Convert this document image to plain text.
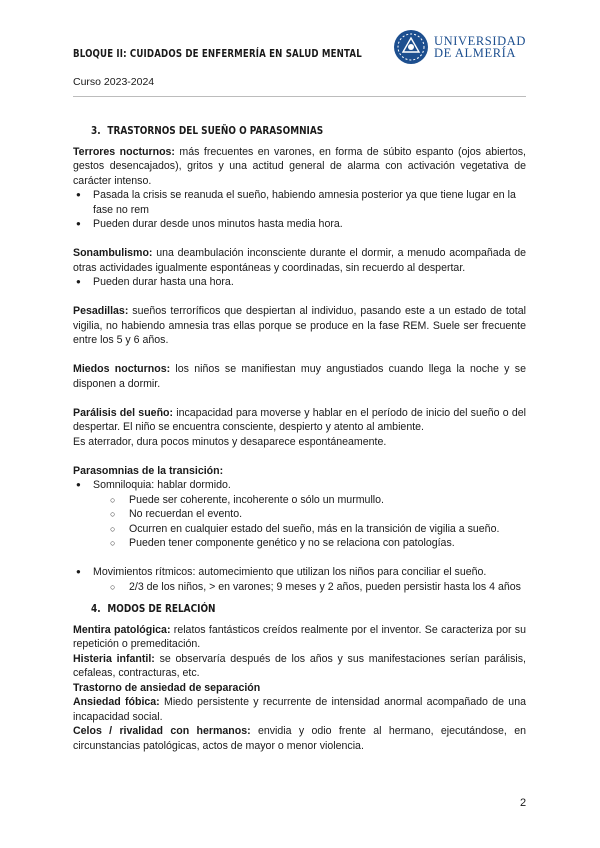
BLOQUE II: CUIDADOS DE ENFERMERÍA EN SALUD MENTAL
Curso 2023-2024
UNIVERSIDAD
DE ALMERÍA
3. TRASTORNOS DEL SUEÑO O PARASOMNIAS

Terrores nocturnos: más frecuentes en varones, en forma de súbito espanto (ojos abiertos, gestos desencajados), gritos y una actitud general de alarma con activación vegetativa de carácter intenso.

● Pasada la crisis se reanuda el sueño, habiendo amnesia posterior ya que tiene lugar en la fase no rem
● Pueden durar desde unos minutos hasta media hora.

Sonambulismo: una deambulación inconsciente durante el dormir, a menudo acompañada de otras actividades igualmente espontáneas y coordinadas, sin recuerdo al despertar.

● Pueden durar hasta una hora.

Pesadillas: sueños terroríficos que despiertan al individuo, pasando este a un estado de total vigilia, no habiendo amnesia tras ellas porque se produce en la fase REM. Suele ser frecuente entre los 5 y 6 años.

Miedos nocturnos: los niños se manifiestan muy angustiados cuando llega la noche y se disponen a dormir.

Parálisis del sueño: incapacidad para moverse y hablar en el período de inicio del sueño o del despertar. El niño se encuentra consciente, despierto y atento al ambiente.

Es aterrador, dura pocos minutos y desaparece espontáneamente.

Parasomnias de la transición:

● Somniloquia: hablar dormido.
○ Puede ser coherente, incoherente o sólo un murmullo.
○ No recuerdan el evento.
○ Ocurren en cualquier estado del sueño, más en la transición de vigilia a sueño.
○ Pueden tener componente genético y no se relaciona con patologías.
● Movimientos rítmicos: automecimiento que utilizan los niños para conciliar el sueño.
○ 2/3 de los niños, > en varones; 9 meses y 2 años, pueden persistir hasta los 4 años
4. MODOS DE RELACIÓN

Mentira patológica: relatos fantásticos creídos realmente por el inventor. Se caracteriza por su repetición o premeditación.

Histeria infantil: se observaría después de los años y sus manifestaciones serían parálisis, cefaleas, contracturas, etc.

Trastorno de ansiedad de separación

Ansiedad fóbica: Miedo persistente y recurrente de intensidad anormal acompañado de una incapacidad social.

Celos / rivalidad con hermanos: envidia y odio frente al hermano, ejecutándose, en circunstancias patológicas, actos de mayor o menor violencia.

2
